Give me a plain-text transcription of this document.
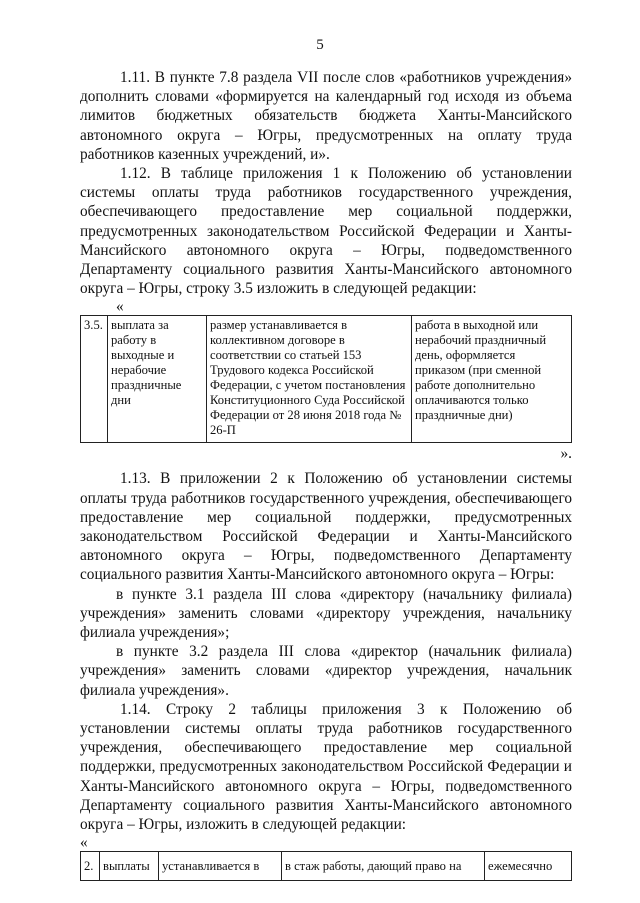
5

1.11. В пункте 7.8 раздела VII после слов «работников учреждения» дополнить словами «формируется на календарный год исходя из объема лимитов бюджетных обязательств бюджета Ханты-Мансийского автономного округа – Югры, предусмотренных на оплату труда работников казенных учреждений, и».

1.12. В таблице приложения 1 к Положению об установлении системы оплаты труда работников государственного учреждения, обеспечивающего предоставление мер социальной поддержки, предусмотренных законодательством Российской Федерации и Ханты-Мансийского автономного округа – Югры, подведомственного Департаменту социального развития Ханты-Мансийского автономного округа – Югры, строку 3.5 изложить в следующей редакции:

«
3.5.	выплата за работу в выходные и нерабочие праздничные дни	размер устанавливается в коллективном договоре в соответствии со статьей 153 Трудового кодекса Российской Федерации, с учетом постановления Конституционного Суда Российской Федерации от 28 июня 2018 года № 26-П	работа в выходной или нерабочий праздничный день, оформляется приказом (при сменной работе дополнительно оплачиваются только праздничные дни)
».

1.13. В приложении 2 к Положению об установлении системы оплаты труда работников государственного учреждения, обеспечивающего предоставление мер социальной поддержки, предусмотренных законодательством Российской Федерации и Ханты-Мансийского автономного округа – Югры, подведомственного Департаменту социального развития Ханты-Мансийского автономного округа – Югры:

в пункте 3.1 раздела III слова «директору (начальнику филиала) учреждения» заменить словами «директору учреждения, начальнику филиала учреждения»;

в пункте 3.2 раздела III слова «директор (начальник филиала) учреждения» заменить словами «директор учреждения, начальник филиала учреждения».

1.14. Строку 2 таблицы приложения 3 к Положению об установлении системы оплаты труда работников государственного учреждения, обеспечивающего предоставление мер социальной поддержки, предусмотренных законодательством Российской Федерации и Ханты-Мансийского автономного округа – Югры, подведомственного Департаменту социального развития Ханты-Мансийского автономного округа – Югры, изложить в следующей редакции:

«
2.	выплаты	устанавливается в	в стаж работы, дающий право на	ежемесячно
